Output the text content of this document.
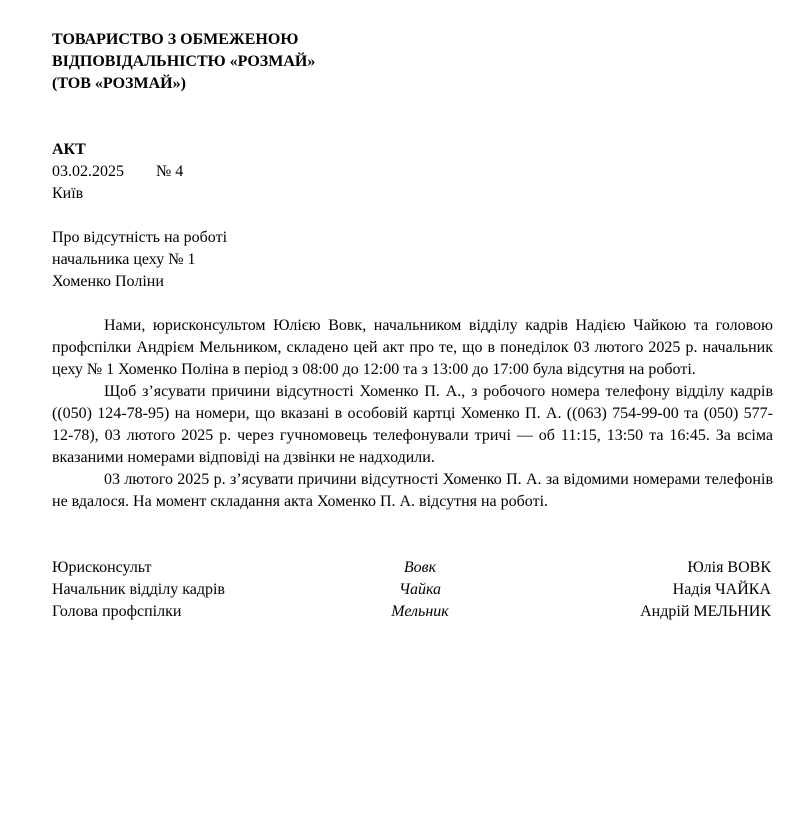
ТОВАРИСТВО З ОБМЕЖЕНОЮ
ВІДПОВІДАЛЬНІСТЮ «РОЗМАЙ»
(ТОВ «РОЗМАЙ»)
АКТ
03.02.2025 № 4
Київ
Про відсутність на роботі
начальника цеху № 1
Хоменко Поліни

Нами, юрисконсультом Юлією Вовк, начальником відділу кадрів Надією Чайкою та головою профспілки Андрієм Мельником, складено цей акт про те, що в понеділок 03 лютого 2025 р. начальник цеху № 1 Хоменко Поліна в період з 08:00 до 12:00 та з 13:00 до 17:00 була відсутня на роботі.

Щоб з’ясувати причини відсутності Хоменко П. А., з робочого номера телефону відділу кадрів ((050) 124-78-95) на номери, що вказані в особовій картці Хоменко П. А. ((063) 754-99-00 та (050) 577-12-78), 03 лютого 2025 р. через гучномовець телефонували тричі — об 11:15, 13:50 та 16:45. За всіма вказаними номерами відповіді на дзвінки не надходили.

03 лютого 2025 р. з’ясувати причини відсутності Хоменко П. А. за відомими номерами телефонів не вдалося. На момент складання акта Хоменко П. А. відсутня на роботі.

Юрисконсульт	Вовк	Юлія ВОВК
Начальник відділу кадрів	Чайка	Надія ЧАЙКА
Голова профспілки	Мельник	Андрій МЕЛЬНИК
